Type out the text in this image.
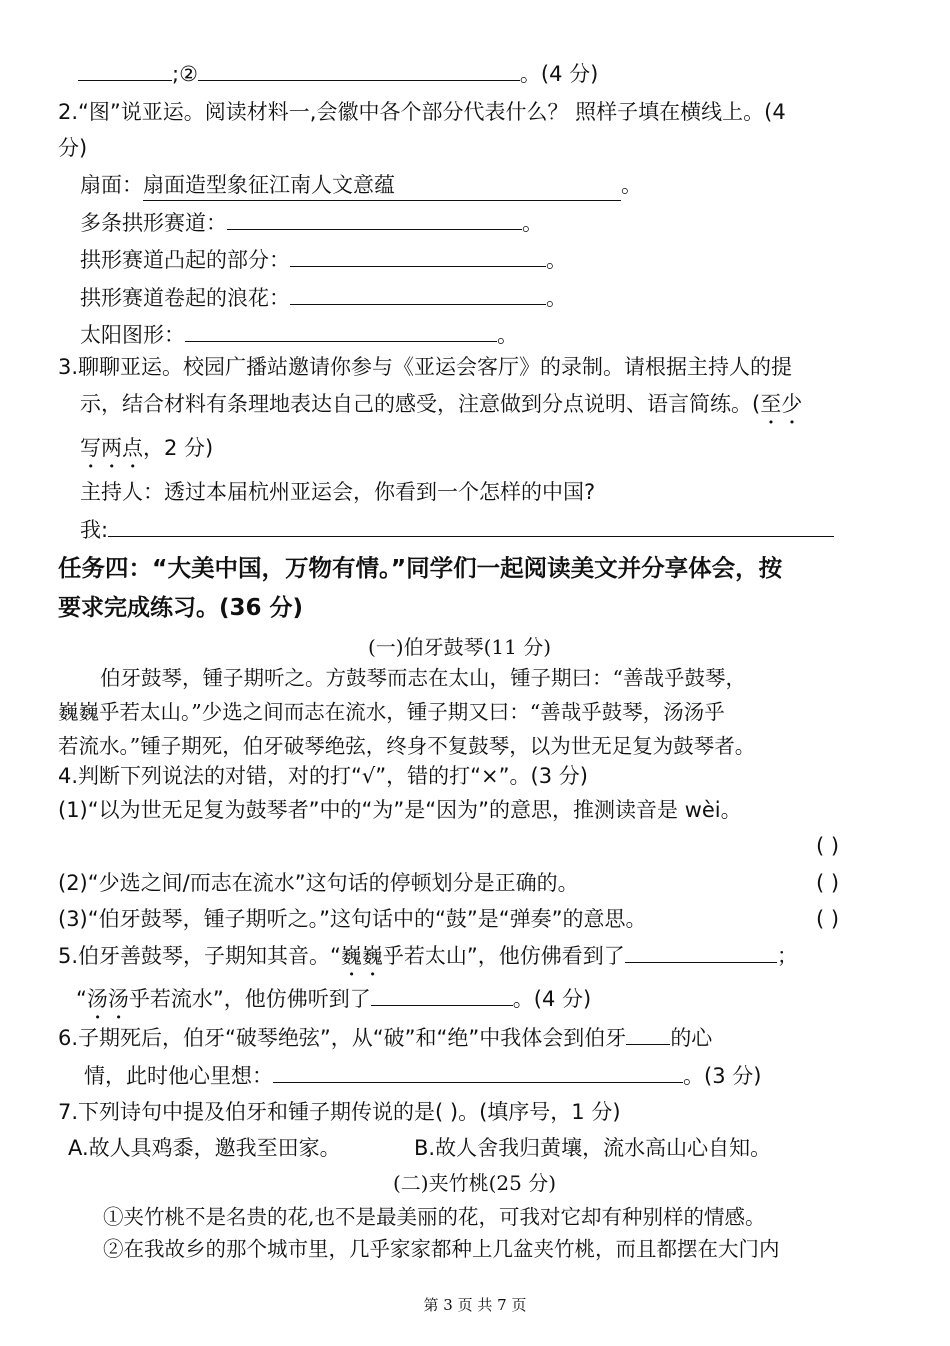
;②	。(4 分)
2.“图”说亚运。阅读材料一,会徽中各个部分代表什么？ 照样子填在横线上。(4
分)
扇面：扇面造型象征江南人文意蕴	。
多条拱形赛道：	。
拱形赛道凸起的部分：	。
拱形赛道卷起的浪花：	。
太阳图形：	。
3.聊聊亚运。校园广播站邀请你参与《亚运会客厅》的录制。请根据主持人的提
示，结合材料有条理地表达自己的感受，注意做到分点说明、语言简练。(至少
写两点，2 分)
主持人：透过本届杭州亚运会，你看到一个怎样的中国?
我:
任务四：“大美中国，万物有情。”同学们一起阅读美文并分享体会，按
要求完成练习。(36 分)
(一)伯牙鼓琴(11 分)
伯牙鼓琴，锺子期听之。方鼓琴而志在太山，锺子期曰：“善哉乎鼓琴，
巍巍乎若太山。”少选之间而志在流水，锺子期又曰：“善哉乎鼓琴，汤汤乎
若流水。”锺子期死，伯牙破琴绝弦，终身不复鼓琴，以为世无足复为鼓琴者。
4.判断下列说法的对错，对的打“√”，错的打“×”。(3 分)
(1)“以为世无足复为鼓琴者”中的“为”是“因为”的意思，推测读音是 wèi。
( )
(2)“少选之间/而志在流水”这句话的停顿划分是正确的。	( )
(3)“伯牙鼓琴，锺子期听之。”这句话中的“鼓”是“弹奏”的意思。	( )
5.伯牙善鼓琴，子期知其音。“巍巍乎若太山”，他仿佛看到了	；
“汤汤乎若流水”，他仿佛听到了	。(4 分)
6.子期死后，伯牙“破琴绝弦”，从“破”和“绝”中我体会到伯牙 的心
情，此时他心里想：	。(3 分)
7.下列诗句中提及伯牙和锺子期传说的是( )。(填序号，1 分)
A.故人具鸡黍，邀我至田家。	B.故人舍我归黄壤，流水高山心自知。
(二)夹竹桃(25 分)
①夹竹桃不是名贵的花,也不是最美丽的花，可我对它却有种别样的情感。
②在我故乡的那个城市里，几乎家家都种上几盆夹竹桃，而且都摆在大门内
第 3 页 共 7 页
